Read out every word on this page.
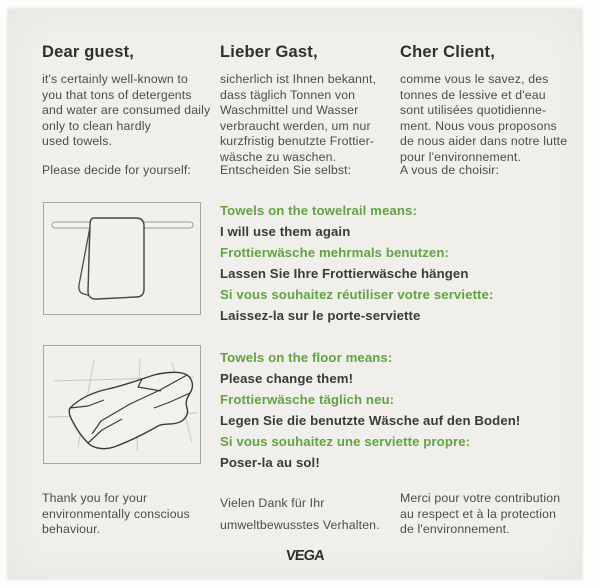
Dear guest,
it's certainly well-known to
you that tons of detergents
and water are consumed daily
only to clean hardly
used towels.
Please decide for yourself:
Lieber Gast,
sicherlich ist Ihnen bekannt,
dass täglich Tonnen von
Waschmittel und Wasser
verbraucht werden, um nur
kurzfristig benutzte Frottier-
wäsche zu waschen.
Entscheiden Sie selbst:
Cher Client,
comme vous le savez, des
tonnes de lessive et d'eau
sont utilisées quotidienne-
ment. Nous vous proposons
de nous aider dans notre lutte
pour l'environnement.
A vous de choisir:
Towels on the towelrail means:
I will use them again
Frottierwäsche mehrmals benutzen:
Lassen Sie Ihre Frottierwäsche hängen
Si vous souhaitez réutiliser votre serviette:
Laissez-la sur le porte-serviette
Towels on the floor means:
Please change them!
Frottierwäsche täglich neu:
Legen Sie die benutzte Wäsche auf den Boden!
Si vous souhaitez une serviette propre:
Poser-la au sol!
Thank you for your
environmentally conscious
behaviour.
Vielen Dank für Ihr
umweltbewusstes Verhalten.
Merci pour votre contribution
au respect et à la protection
de l'environnement.
VEGA
